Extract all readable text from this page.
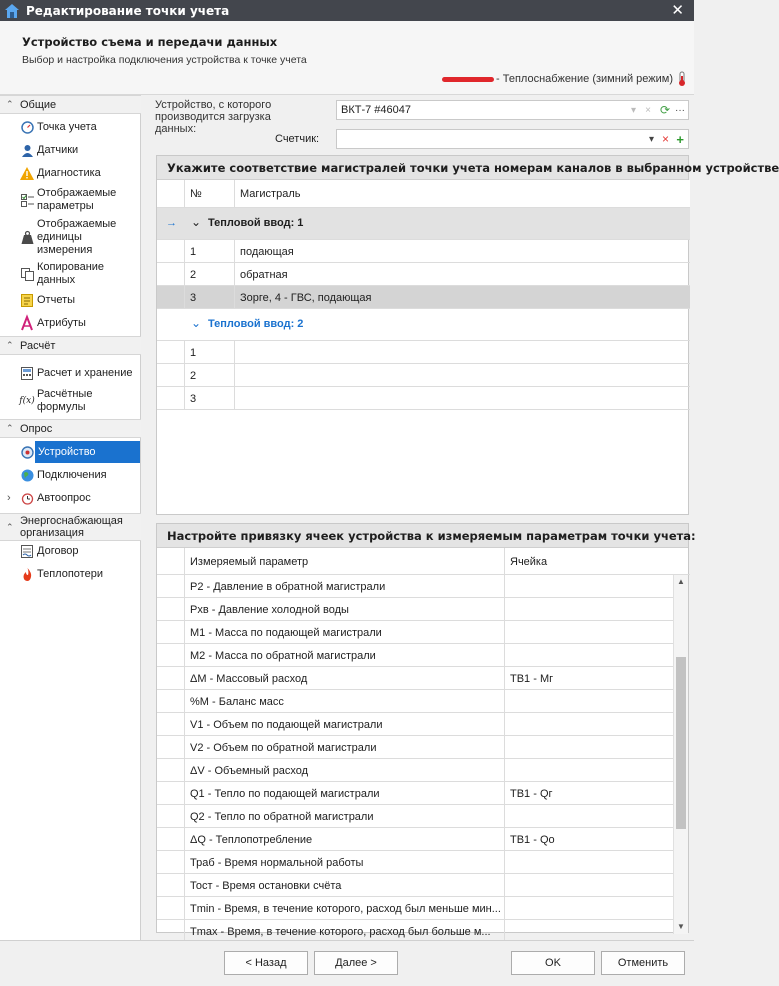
Редактирование точки учета	✕
Устройство съема и передачи данных
Выбор и настройка подключения устройства к точке учета
- Теплоснабжение (зимний режим)
⌃ Общие
Точка учета
Датчики
Диагностика
Отображаемые параметры
Отображаемые единицы измерения
Копирование данных
Отчеты
Атрибуты
⌃ Расчёт
Расчет и хранение
f(x)
Расчётные формулы
⌃ Опрос
Устройство
Подключения
› Автоопрос
⌃ Энергоснабжающая организация
Договор
Теплопотери
Устройство, с которого производится загрузка данных:
ВКТ-7 #46047	▾ × ⟳ ···
Счетчик:	▾ × +
Укажите соответствие магистралей точки учета номерам каналов в выбранном устройстве
№	Магистраль
→ ⌄ Тепловой ввод: 1
1	подающая
2	обратная
3	Зорге, 4 - ГВС, подающая
⌄ Тепловой ввод: 2
1
2
3
Настройте привязку ячеек устройства к измеряемым параметрам точки учета:
Измеряемый параметр	Ячейка
P2 - Давление в обратной магистрали
Pхв - Давление холодной воды
M1 - Масса по подающей магистрали
M2 - Масса по обратной магистрали
ΔM - Массовый расход	ТВ1 - Мг
%M - Баланс масс
V1 - Объем по подающей магистрали
V2 - Объем по обратной магистрали
ΔV - Объемный расход
Q1 - Тепло по подающей магистрали	ТВ1 - Qг
Q2 - Тепло по обратной магистрали
ΔQ - Теплопотребление	ТВ1 - Qo
Траб - Время нормальной работы
Тост - Время остановки счёта
Tmin - Время, в течение которого, расход был меньше мин...
Tmax - Время, в течение которого, расход был больше м...
▲
▼
< Назад	Далее >	OK	Отменить
